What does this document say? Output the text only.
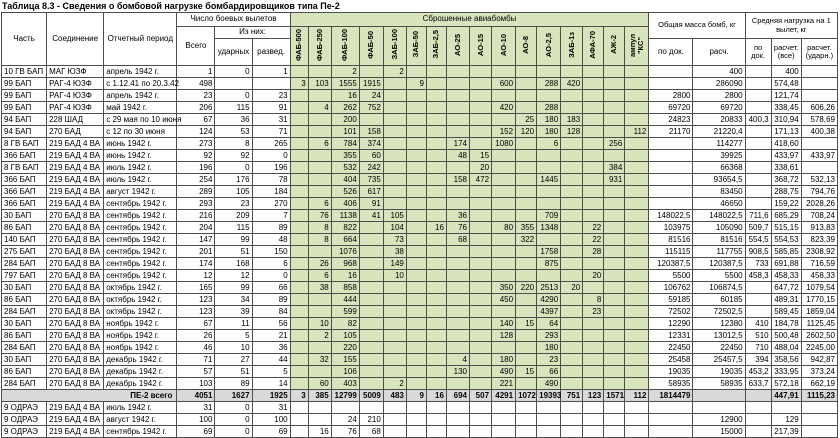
Таблица 8.3 - Сведения о бомбовой нагрузке бомбардировщиков типа Пе-2
Часть	Соединение	Отчетный период	Число боевых вылетов			Сброшенные авиабомбы																Общая масса бомб, кг		Средняя нагрузка на 1 вылет, кг		
			Всего	Из них:		ФАБ-500	ФАБ-250	ФАБ-100	ФАБ-50	ЗАБ-100	ЗАБ-50	ЗАБ-2,5	АО-25	АО-15	АО-10	АО-8	АО-2,5	ЗАБ-1з	АФА-70	АЖ-2	ампул "КС"					
				ударных	развед.																	по док.	расч.	по док.	расчет. (все)	расчет. (ударн.)
10 ГВ БАП	МАГ ЮЗФ	апрель 1942 г.	1	0	1			2		2													400		400	
99 БАП	РАГ-4 ЮЗФ	с 1.12.41 по 20.3.42	498			3	103	1555	1915		9				600		288	420					286090		574,48	
99 БАП	РАГ-4 ЮЗФ	апрель 1942 г.	23	0	23			16	24													2800	2800		121,74	
99 БАП	РАГ-4 ЮЗФ	май 1942 г.	206	115	91		4	262	752						420		288					69720	69720		338,45	606,26
94 БАП	228 ШАД	с 29 мая по 10 июня	67	36	31			200								25	180	183				24823	20833	400,3	310,94	578,69
94 БАП	270 БАД	с 12 по 30 июня	124	53	71			101	158						152	120	180	128			112	21170	21220,4		171,13	400,38
8 ГВ БАП	219 БАД 4 ВА	июнь 1942 г.	273	8	265		6	784	374				174		1080		6			256			114277		418,60	
366 БАП	219 БАД 4 ВА	июнь 1942 г.	92	92	0			355	60				48	15									39925		433,97	433,97
8 ГВ БАП	219 БАД 4 ВА	июль 1942 г.	196	0	196			532	242					20						384			66368		338,61	
366 БАП	219 БАД 4 ВА	июль 1942 г.	254	176	78			404	735				158	472			1445			931			93654,5		368,72	532,13
366 БАП	219 БАД 4 ВА	август 1942 г.	289	105	184			526	617														83450		288,75	794,76
366 БАП	219 БАД 4 ВА	сентябрь 1942 г.	293	23	270		6	406	91														46650		159,22	2028,26
30 БАП	270 БАД 8 ВА	сентябрь 1942 г.	216	209	7		76	1138	41	105			36				709					148022,5	148022,5	711,6	685,29	708,24
86 БАП	270 БАД 8 ВА	сентябрь 1942 г.	204	115	89		8	822		104		16	76		80	355	1348		22			103975	105090	509,7	515,15	913,83
140 БАП	270 БАД 8 ВА	сентябрь 1942 г.	147	99	48		8	664		73			68			322			22			81516	81516	554,5	554,53	823,39
275 БАП	270 БАД 8 ВА	сентябрь 1942 г.	201	51	150			1076		38							1758		28			115115	117755	908,5	585,85	2308,92
284 БАП	270 БАД 8 ВА	сентябрь 1942 г.	174	168	6		26	968		149							875					120387,5	120387,5	733	691,88	716,59
797 БАП	270 БАД 8 ВА	сентябрь 1942 г.	12	12	0		6	16		10									20			5500	5500	458,3	458,33	458,33
30 БАП	270 БАД 8 ВА	октябрь 1942 г.	165	99	66		38	858							350	220	2513	20				106762	106874,5		647,72	1079,54
86 БАП	270 БАД 8 ВА	октябрь 1942 г.	123	34	89			444							450		4290		8			59185	60185		489,31	1770,15
284 БАП	270 БАД 8 ВА	октябрь 1942 г.	123	39	84			599									4397		23			72502	72502,5		589,45	1859,04
30 БАП	270 БАД 8 ВА	ноябрь 1942 г.	67	11	56		10	82							140	15	64					12290	12380	410	184,78	1125,45
86 БАП	270 БАД 8 ВА	ноябрь 1942 г.	26	5	21		2	105							128		293					12331	13012,5	510	500,48	2602,50
284 БАП	270 БАД 8 ВА	ноябрь 1942 г.	46	10	36			220									180					22450	22450	710	488,04	2245,00
30 БАП	270 БАД 8 ВА	декабрь 1942 г.	71	27	44		32	155					4		180		23					25458	25457,5	394	358,56	942,87
86 БАП	270 БАД 8 ВА	декабрь 1942 г.	57	51	5			106					130		490	15	66					19035	19035	453,2	333,95	373,24
284 БАП	270 БАД 8 ВА	декабрь 1942 г.	103	89	14		60	403		2					221		490					58935	58935	633,7	572,18	662,19
ПЕ-2 всего			4051	1627	1925	3	385	12799	5009	483	9	16	694	507	4291	1072	19393	751	123	1571	112	1814479			447,91	1115,23
9 ОДРАЭ	219 БАД 4 ВА	июль 1942 г.	31	0	31																					
9 ОДРАЭ	219 БАД 4 ВА	август 1942 г.	100	0	100			24	210														12900		129	
9 ОДРАЭ	219 БАД 4 ВА	сентябрь 1942 г.	69	0	69		16	76	68														15000		217,39	
